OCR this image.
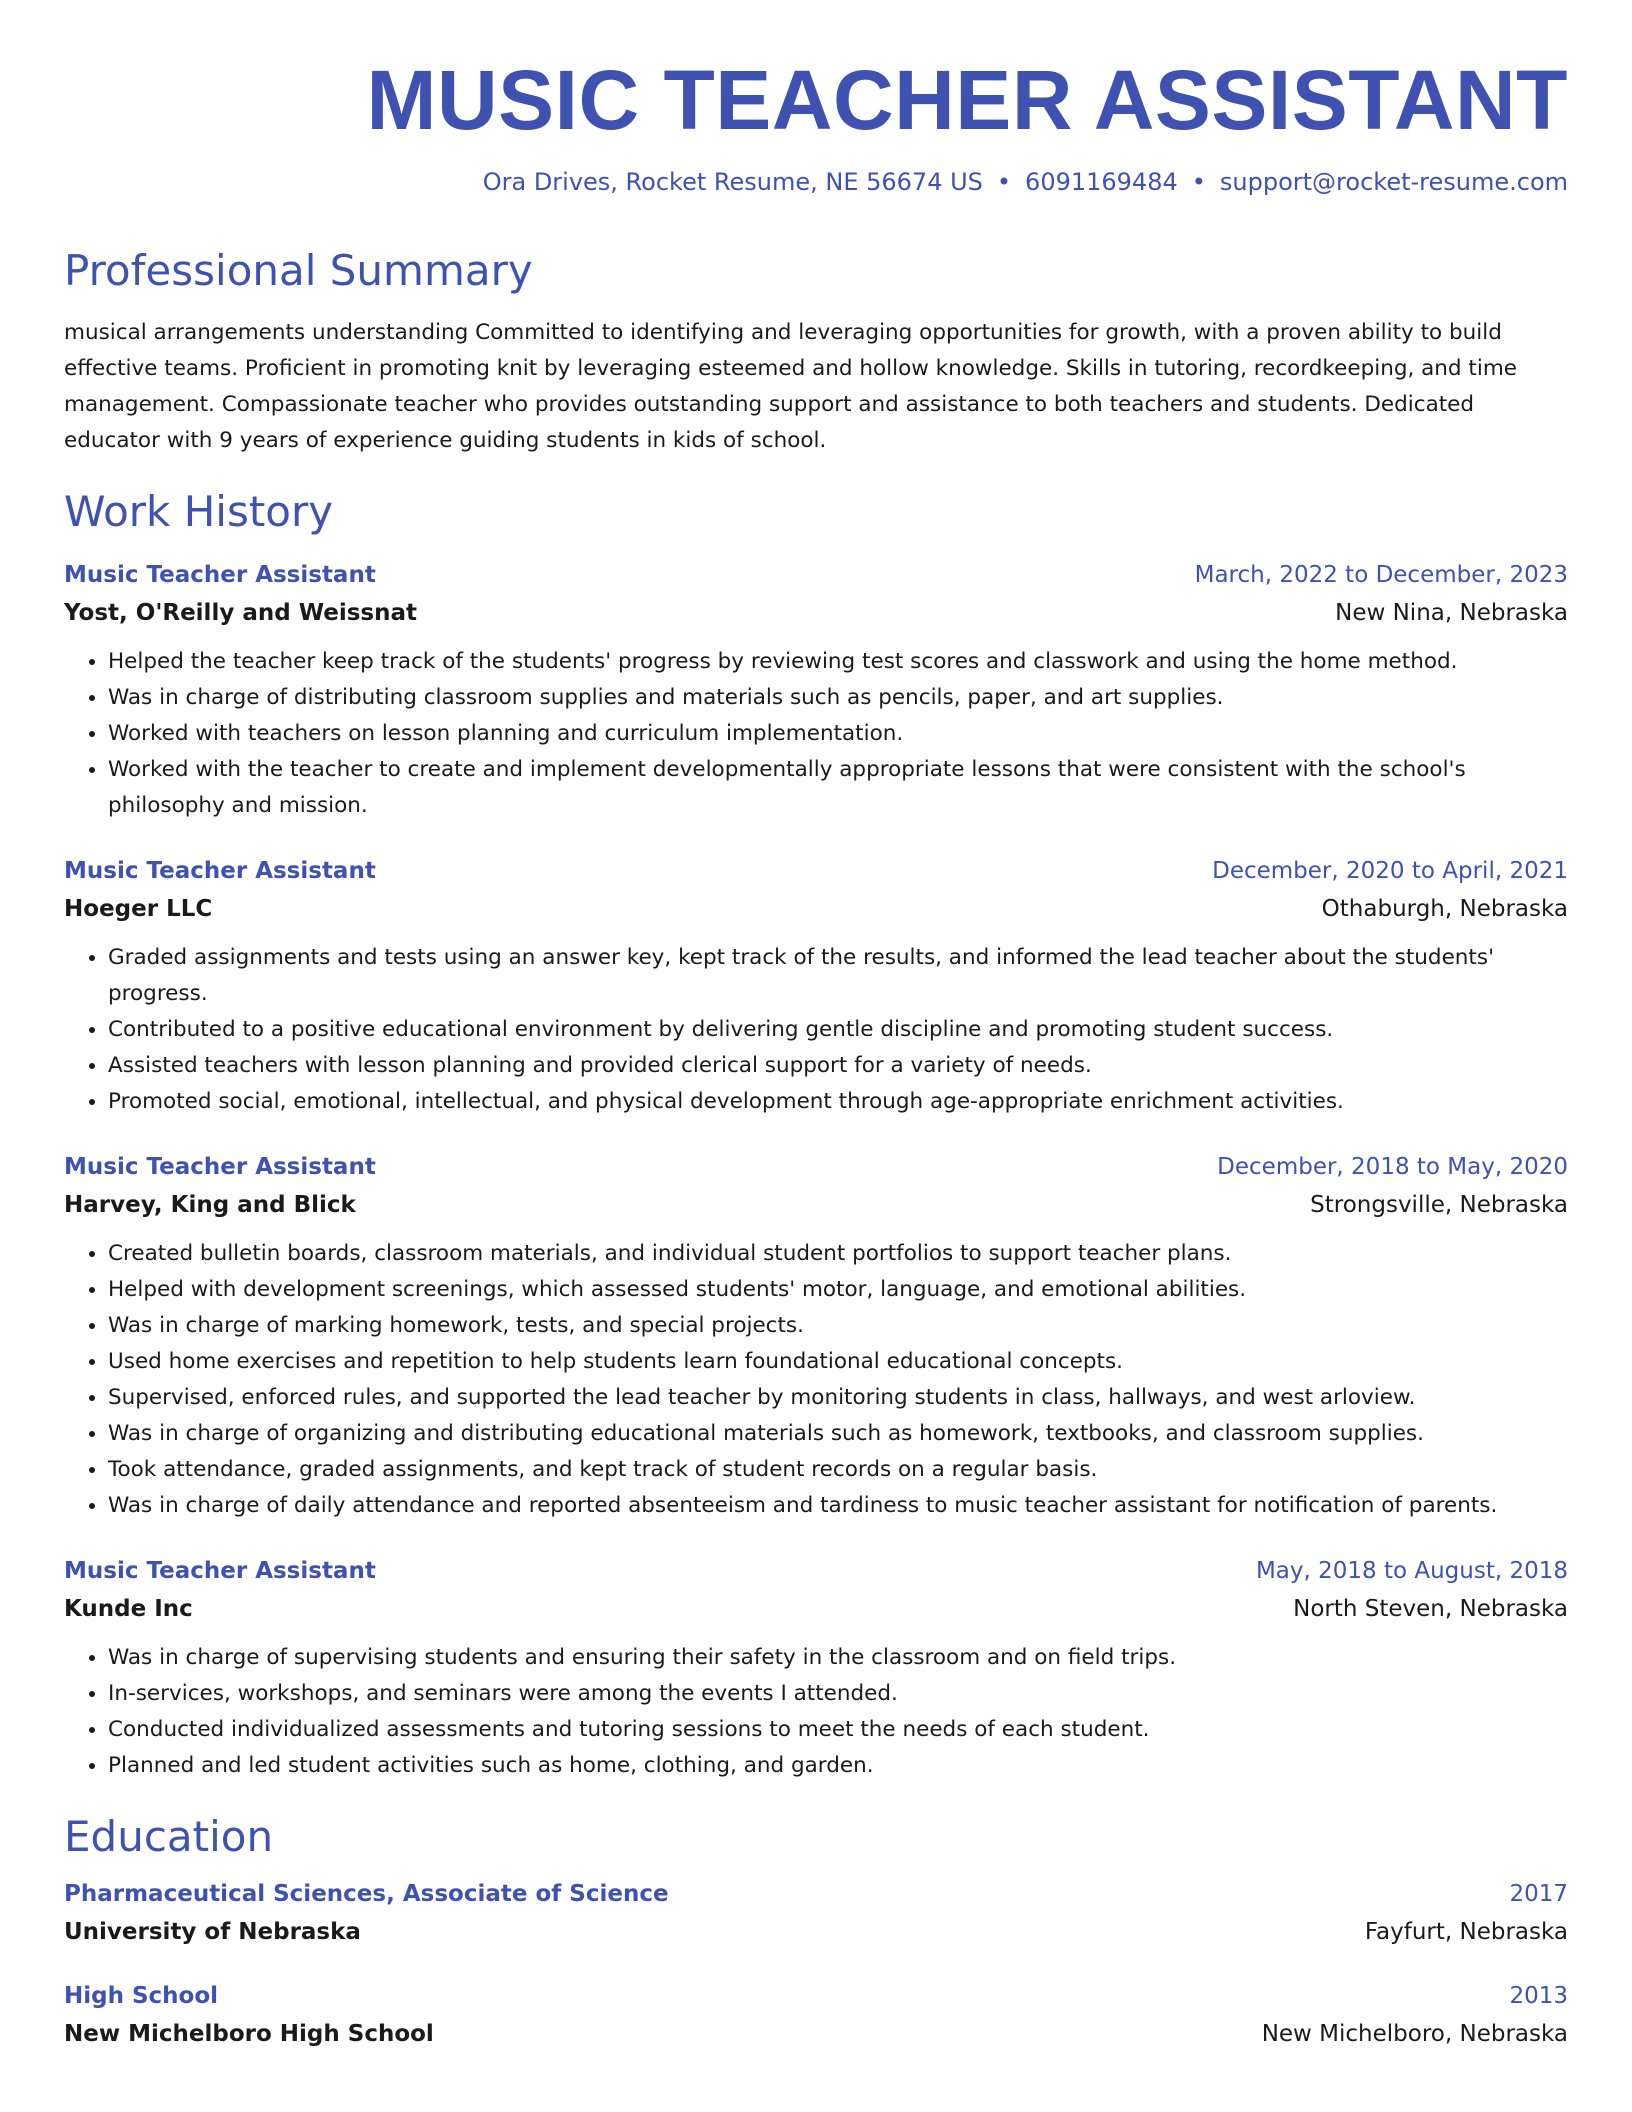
MUSIC TEACHER ASSISTANT
Ora Drives, Rocket Resume, NE 56674 US • 6091169484 • support@rocket-resume.com
Professional Summary

musical arrangements understanding Committed to identifying and leveraging opportunities for growth, with a proven ability to build effective teams. Proficient in promoting knit by leveraging esteemed and hollow knowledge. Skills in tutoring, recordkeeping, and time management. Compassionate teacher who provides outstanding support and assistance to both teachers and students. Dedicated educator with 9 years of experience guiding students in kids of school.

Work History
Music Teacher Assistant	March, 2022 to December, 2023
Yost, O'Reilly and Weissnat	New Nina, Nebraska
• Helped the teacher keep track of the students' progress by reviewing test scores and classwork and using the home method.
• Was in charge of distributing classroom supplies and materials such as pencils, paper, and art supplies.
• Worked with teachers on lesson planning and curriculum implementation.
• Worked with the teacher to create and implement developmentally appropriate lessons that were consistent with the school's philosophy and mission.
Music Teacher Assistant	December, 2020 to April, 2021
Hoeger LLC	Othaburgh, Nebraska
• Graded assignments and tests using an answer key, kept track of the results, and informed the lead teacher about the students' progress.
• Contributed to a positive educational environment by delivering gentle discipline and promoting student success.
• Assisted teachers with lesson planning and provided clerical support for a variety of needs.
• Promoted social, emotional, intellectual, and physical development through age-appropriate enrichment activities.
Music Teacher Assistant	December, 2018 to May, 2020
Harvey, King and Blick	Strongsville, Nebraska
• Created bulletin boards, classroom materials, and individual student portfolios to support teacher plans.
• Helped with development screenings, which assessed students' motor, language, and emotional abilities.
• Was in charge of marking homework, tests, and special projects.
• Used home exercises and repetition to help students learn foundational educational concepts.
• Supervised, enforced rules, and supported the lead teacher by monitoring students in class, hallways, and west arloview.
• Was in charge of organizing and distributing educational materials such as homework, textbooks, and classroom supplies.
• Took attendance, graded assignments, and kept track of student records on a regular basis.
• Was in charge of daily attendance and reported absenteeism and tardiness to music teacher assistant for notification of parents.
Music Teacher Assistant	May, 2018 to August, 2018
Kunde Inc	North Steven, Nebraska
• Was in charge of supervising students and ensuring their safety in the classroom and on field trips.
• In-services, workshops, and seminars were among the events I attended.
• Conducted individualized assessments and tutoring sessions to meet the needs of each student.
• Planned and led student activities such as home, clothing, and garden.
Education
Pharmaceutical Sciences, Associate of Science	2017
University of Nebraska	Fayfurt, Nebraska
High School	2013
New Michelboro High School	New Michelboro, Nebraska
